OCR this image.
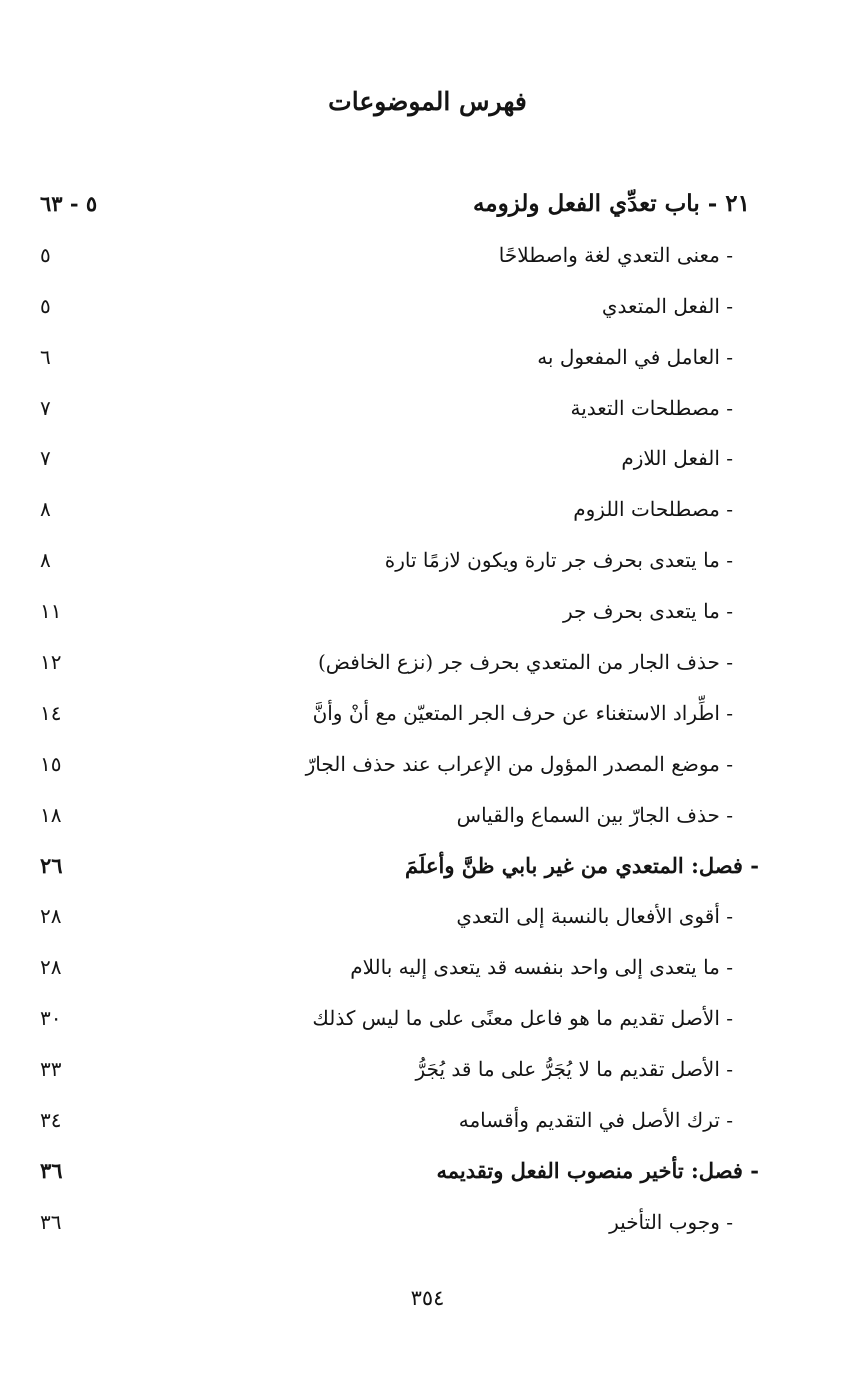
فهرس الموضوعات
٢١ - باب تعدِّي الفعل ولزومه
٥ - ٦٣
- معنى التعدي لغة واصطلاحًا
٥
- الفعل المتعدي
٥
- العامل في المفعول به
٦
- مصطلحات التعدية
٧
- الفعل اللازم
٧
- مصطلحات اللزوم
٨
- ما يتعدى بحرف جر تارة ويكون لازمًا تارة
٨
- ما يتعدى بحرف جر
١١
- حذف الجار من المتعدي بحرف جر (نزع الخافض)
١٢
- اطِّراد الاستغناء عن حرف الجر المتعيّن مع أنْ وأنَّ
١٤
- موضع المصدر المؤول من الإعراب عند حذف الجارّ
١٥
- حذف الجارّ بين السماع والقياس
١٨
- فصل: المتعدي من غير بابي ظنَّ وأعلَمَ
٢٦
- أقوى الأفعال بالنسبة إلى التعدي
٢٨
- ما يتعدى إلى واحد بنفسه قد يتعدى إليه باللام
٢٨
- الأصل تقديم ما هو فاعل معنًى على ما ليس كذلك
٣٠
- الأصل تقديم ما لا يُجَرُّ على ما قد يُجَرُّ
٣٣
- ترك الأصل في التقديم وأقسامه
٣٤
- فصل: تأخير منصوب الفعل وتقديمه
٣٦
- وجوب التأخير
٣٦
٣٥٤
